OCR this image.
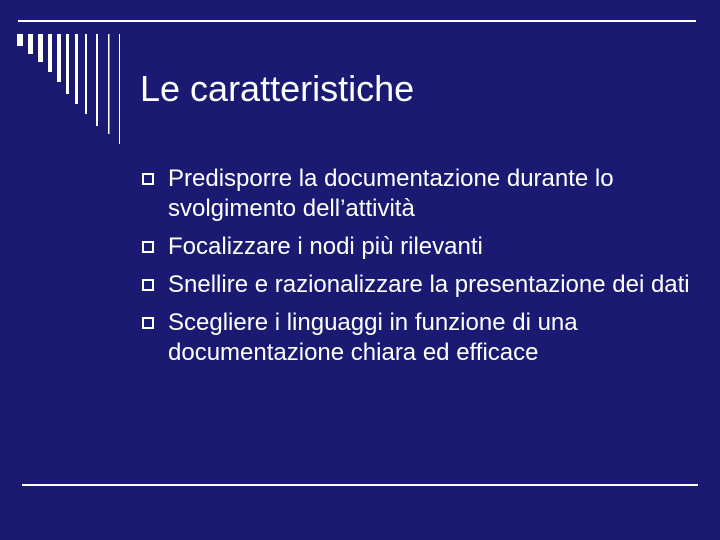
Le caratteristiche
Predisporre la documentazione durante lo svolgimento dell’attività
Focalizzare i nodi più rilevanti
Snellire e razionalizzare la presentazione dei dati
Scegliere i linguaggi in funzione di una documentazione chiara ed efficace
